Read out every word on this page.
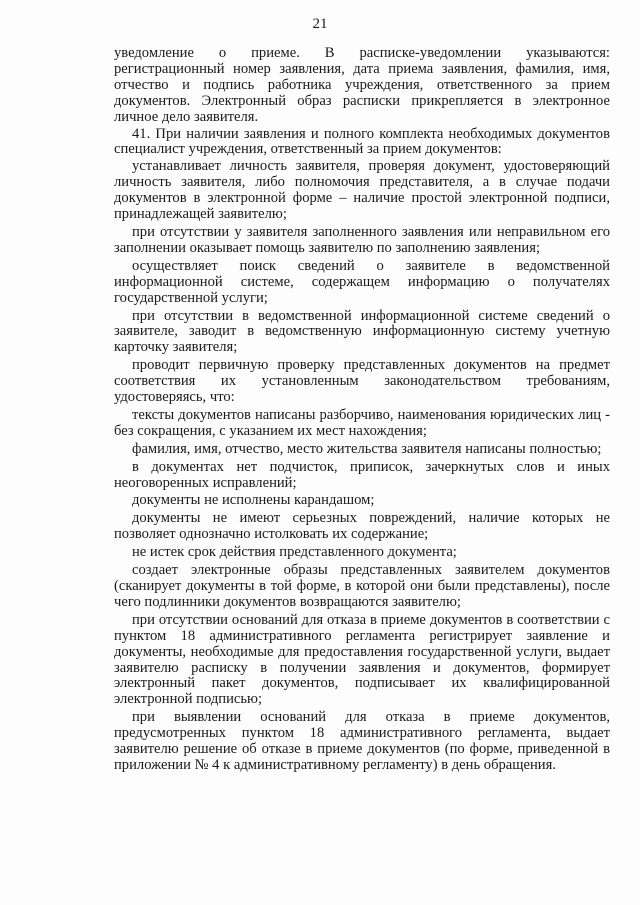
21

уведомление о приеме. В расписке-уведомлении указываются: регистрационный номер заявления, дата приема заявления, фамилия, имя, отчество и подпись работника учреждения, ответственного за прием документов. Электронный образ расписки прикрепляется в электронное личное дело заявителя.

41. При наличии заявления и полного комплекта необходимых документов специалист учреждения, ответственный за прием документов:

устанавливает личность заявителя, проверяя документ, удостоверяющий личность заявителя, либо полномочия представителя, а в случае подачи документов в электронной форме – наличие простой электронной подписи, принадлежащей заявителю;

при отсутствии у заявителя заполненного заявления или неправильном его заполнении оказывает помощь заявителю по заполнению заявления;

осуществляет поиск сведений о заявителе в ведомственной информационной системе, содержащем информацию о получателях государственной услуги;

при отсутствии в ведомственной информационной системе сведений о заявителе, заводит в ведомственную информационную систему учетную карточку заявителя;

проводит первичную проверку представленных документов на предмет соответствия их установленным законодательством требованиям, удостоверяясь, что:

тексты документов написаны разборчиво, наименования юридических лиц - без сокращения, с указанием их мест нахождения;

фамилия, имя, отчество, место жительства заявителя написаны полностью;

в документах нет подчисток, приписок, зачеркнутых слов и иных неоговоренных исправлений;

документы не исполнены карандашом;

документы не имеют серьезных повреждений, наличие которых не позволяет однозначно истолковать их содержание;

не истек срок действия представленного документа;

создает электронные образы представленных заявителем документов (сканирует документы в той форме, в которой они были представлены), после чего подлинники документов возвращаются заявителю;

при отсутствии оснований для отказа в приеме документов в соответствии с пунктом 18 административного регламента регистрирует заявление и документы, необходимые для предоставления государственной услуги, выдает заявителю расписку в получении заявления и документов, формирует электронный пакет документов, подписывает их квалифицированной электронной подписью;

при выявлении оснований для отказа в приеме документов, предусмотренных пунктом 18 административного регламента, выдает заявителю решение об отказе в приеме документов (по форме, приведенной в приложении № 4 к административному регламенту) в день обращения.
